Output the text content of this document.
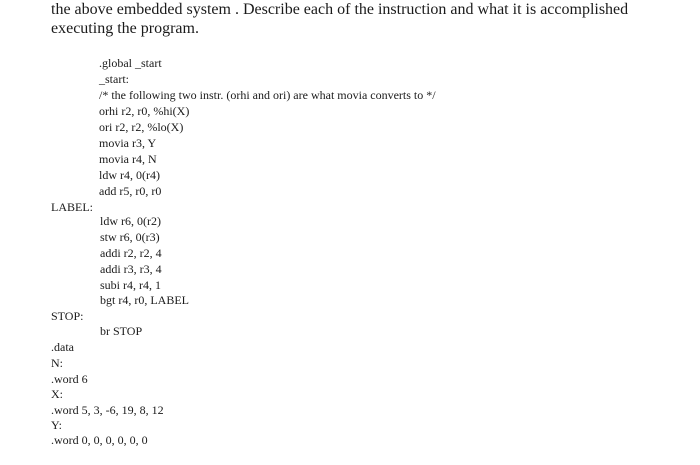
the above embedded system . Describe each of the instruction and what it is accomplished
executing the program.
.global _start
_start:
/* the following two instr. (orhi and ori) are what movia converts to */
orhi r2, r0, %hi(X)
ori r2, r2, %lo(X)
movia r3, Y
movia r4, N
ldw r4, 0(r4)
add r5, r0, r0
LABEL:
ldw r6, 0(r2)
stw r6, 0(r3)
addi r2, r2, 4
addi r3, r3, 4
subi r4, r4, 1
bgt r4, r0, LABEL
STOP:
br STOP
.data
N:
.word 6
X:
.word 5, 3, -6, 19, 8, 12
Y:
.word 0, 0, 0, 0, 0, 0
